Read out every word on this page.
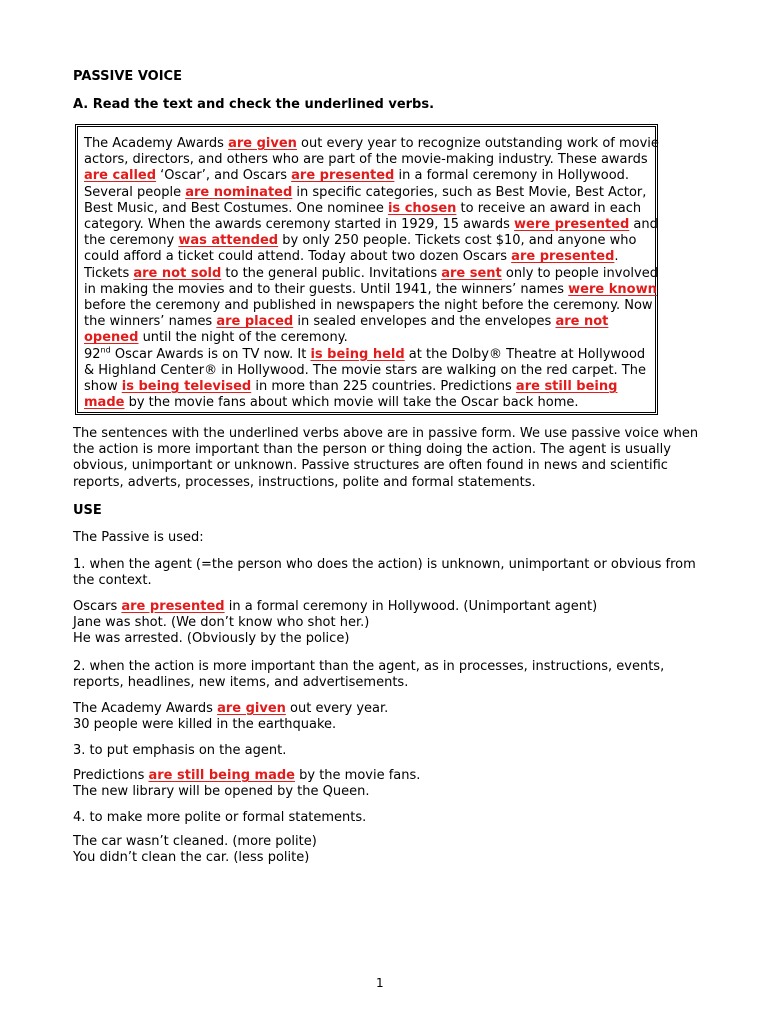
PASSIVE VOICE

A. Read the text and check the underlined verbs.

The Academy Awards are given out every year to recognize outstanding work of movie actors, directors, and others who are part of the movie-making industry. These awards are called ‘Oscar’, and Oscars are presented in a formal ceremony in Hollywood. Several people are nominated in specific categories, such as Best Movie, Best Actor, Best Music, and Best Costumes. One nominee is chosen to receive an award in each category. When the awards ceremony started in 1929, 15 awards were presented and the ceremony was attended by only 250 people. Tickets cost $10, and anyone who could afford a ticket could attend. Today about two dozen Oscars are presented. Tickets are not sold to the general public. Invitations are sent only to people involved in making the movies and to their guests. Until 1941, the winners’ names were known before the ceremony and published in newspapers the night before the ceremony. Now the winners’ names are placed in sealed envelopes and the envelopes are not opened until the night of the ceremony.

92nd Oscar Awards is on TV now. It is being held at the Dolby® Theatre at Hollywood & Highland Center® in Hollywood. The movie stars are walking on the red carpet. The show is being televised in more than 225 countries. Predictions are still being made by the movie fans about which movie will take the Oscar back home.

The sentences with the underlined verbs above are in passive form. We use passive voice when the action is more important than the person or thing doing the action. The agent is usually obvious, unimportant or unknown. Passive structures are often found in news and scientific reports, adverts, processes, instructions, polite and formal statements.

USE

The Passive is used:

1. when the agent (=the person who does the action) is unknown, unimportant or obvious from the context.

Oscars are presented in a formal ceremony in Hollywood. (Unimportant agent)
Jane was shot. (We don’t know who shot her.)
He was arrested. (Obviously by the police)

2. when the action is more important than the agent, as in processes, instructions, events, reports, headlines, new items, and advertisements.

The Academy Awards are given out every year.
30 people were killed in the earthquake.

3. to put emphasis on the agent.

Predictions are still being made by the movie fans.
The new library will be opened by the Queen.

4. to make more polite or formal statements.

The car wasn’t cleaned. (more polite)
You didn’t clean the car. (less polite)

1
